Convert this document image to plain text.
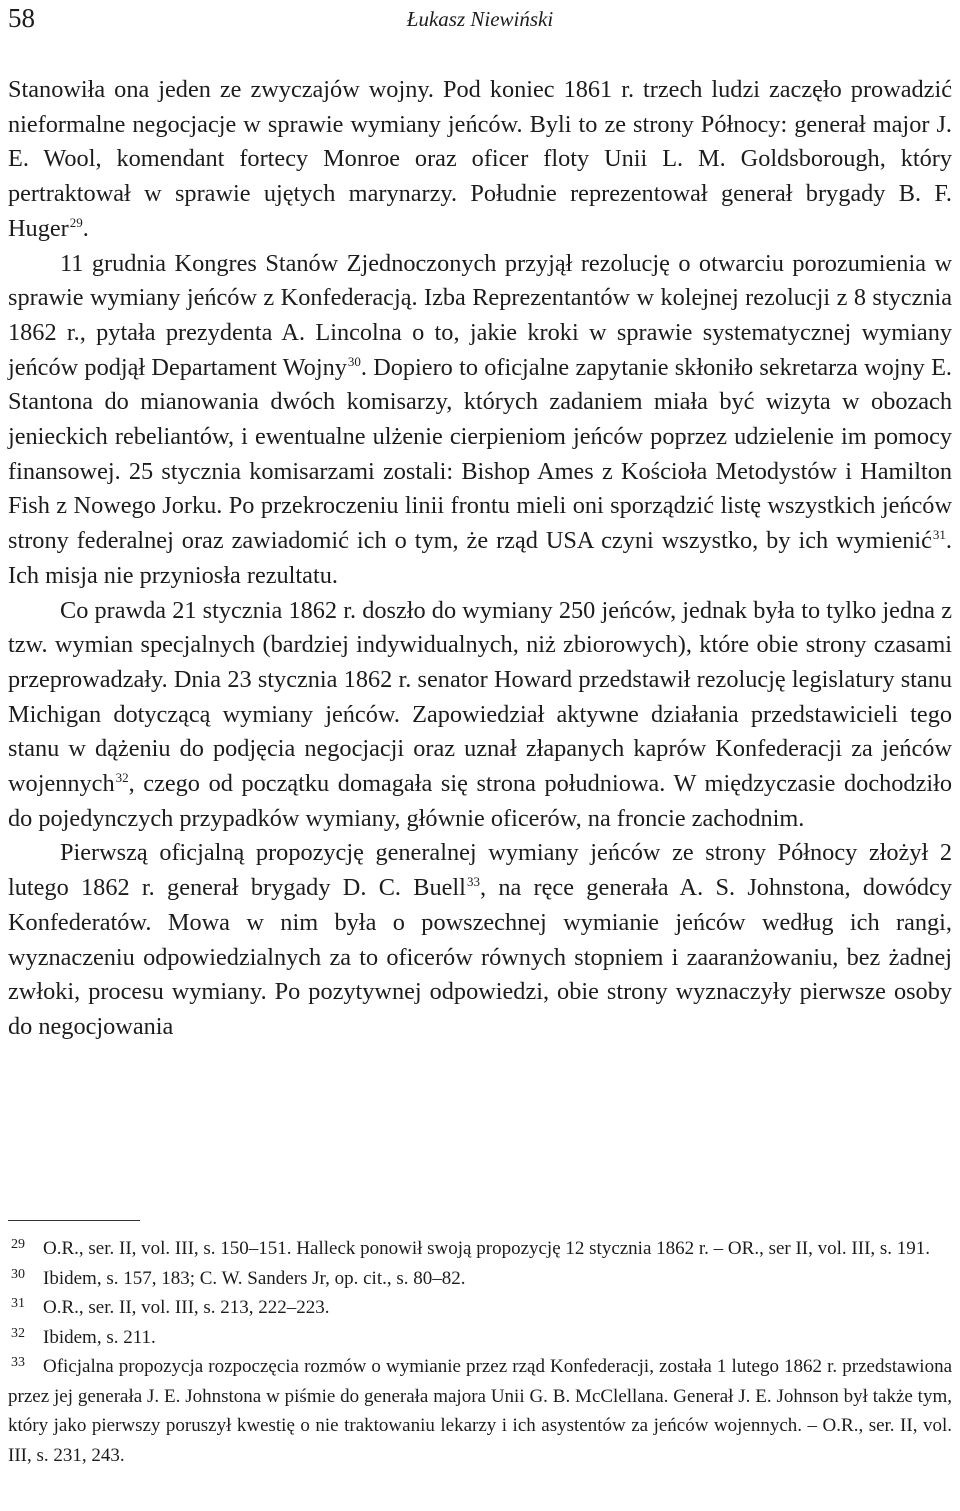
58	Łukasz Niewiński

Stanowiła ona jeden ze zwyczajów wojny. Pod koniec 1861 r. trzech ludzi zaczęło prowadzić nieformalne negocjacje w sprawie wymiany jeńców. Byli to ze strony Północy: generał major J. E. Wool, komendant fortecy Monroe oraz oficer floty Unii L. M. Goldsborough, który pertraktował w sprawie ujętych marynarzy. Południe reprezentował generał brygady B. F. Huger$^{29}$.

11 grudnia Kongres Stanów Zjednoczonych przyjął rezolucję o otwarciu porozumienia w sprawie wymiany jeńców z Konfederacją. Izba Reprezentantów w kolejnej rezolucji z 8 stycznia 1862 r., pytała prezydenta A. Lincolna o to, jakie kroki w sprawie systematycznej wymiany jeńców podjął Departament Wojny$^{30}$. Dopiero to oficjalne zapytanie skłoniło sekretarza wojny E. Stantona do mianowania dwóch komisarzy, których zadaniem miała być wizyta w obozach jenieckich rebeliantów, i ewentualne ulżenie cierpieniom jeńców poprzez udzielenie im pomocy finansowej. 25 stycznia komisarzami zostali: Bishop Ames z Kościoła Metodystów i Hamilton Fish z Nowego Jorku. Po przekroczeniu linii frontu mieli oni sporządzić listę wszystkich jeńców strony federalnej oraz zawiadomić ich o tym, że rząd USA czyni wszystko, by ich wymienić$^{31}$. Ich misja nie przyniosła rezultatu.

Co prawda 21 stycznia 1862 r. doszło do wymiany 250 jeńców, jednak była to tylko jedna z tzw. wymian specjalnych (bardziej indywidualnych, niż zbiorowych), które obie strony czasami przeprowadzały. Dnia 23 stycznia 1862 r. senator Howard przedstawił rezolucję legislatury stanu Michigan dotyczącą wymiany jeńców. Zapowiedział aktywne działania przedstawicieli tego stanu w dążeniu do podjęcia negocjacji oraz uznał złapanych kaprów Konfederacji za jeńców wojennych$^{32}$, czego od początku domagała się strona południowa. W międzyczasie dochodziło do pojedynczych przypadków wymiany, głównie oficerów, na froncie zachodnim.

Pierwszą oficjalną propozycję generalnej wymiany jeńców ze strony Północy złożył 2 lutego 1862 r. generał brygady D. C. Buell$^{33}$, na ręce generała A. S. Johnstona, dowódcy Konfederatów. Mowa w nim była o powszechnej wymianie jeńców według ich rangi, wyznaczeniu odpowiedzialnych za to oficerów równych stopniem i zaaranżowaniu, bez żadnej zwłoki, procesu wymiany. Po pozytywnej odpowiedzi, obie strony wyznaczyły pierwsze osoby do negocjowania

29 O.R., ser. II, vol. III, s. 150–151. Halleck ponowił swoją propozycję 12 stycznia 1862 r. – OR., ser II, vol. III, s. 191.

30 Ibidem, s. 157, 183; C. W. Sanders Jr, op. cit., s. 80–82.

31 O.R., ser. II, vol. III, s. 213, 222–223.

32 Ibidem, s. 211.

33 Oficjalna propozycja rozpoczęcia rozmów o wymianie przez rząd Konfederacji, została 1 lutego 1862 r. przedstawiona przez jej generała J. E. Johnstona w piśmie do generała majora Unii G. B. McClellana. Generał J. E. Johnson był także tym, który jako pierwszy poruszył kwestię o nie traktowaniu lekarzy i ich asystentów za jeńców wojennych. – O.R., ser. II, vol. III, s. 231, 243.
